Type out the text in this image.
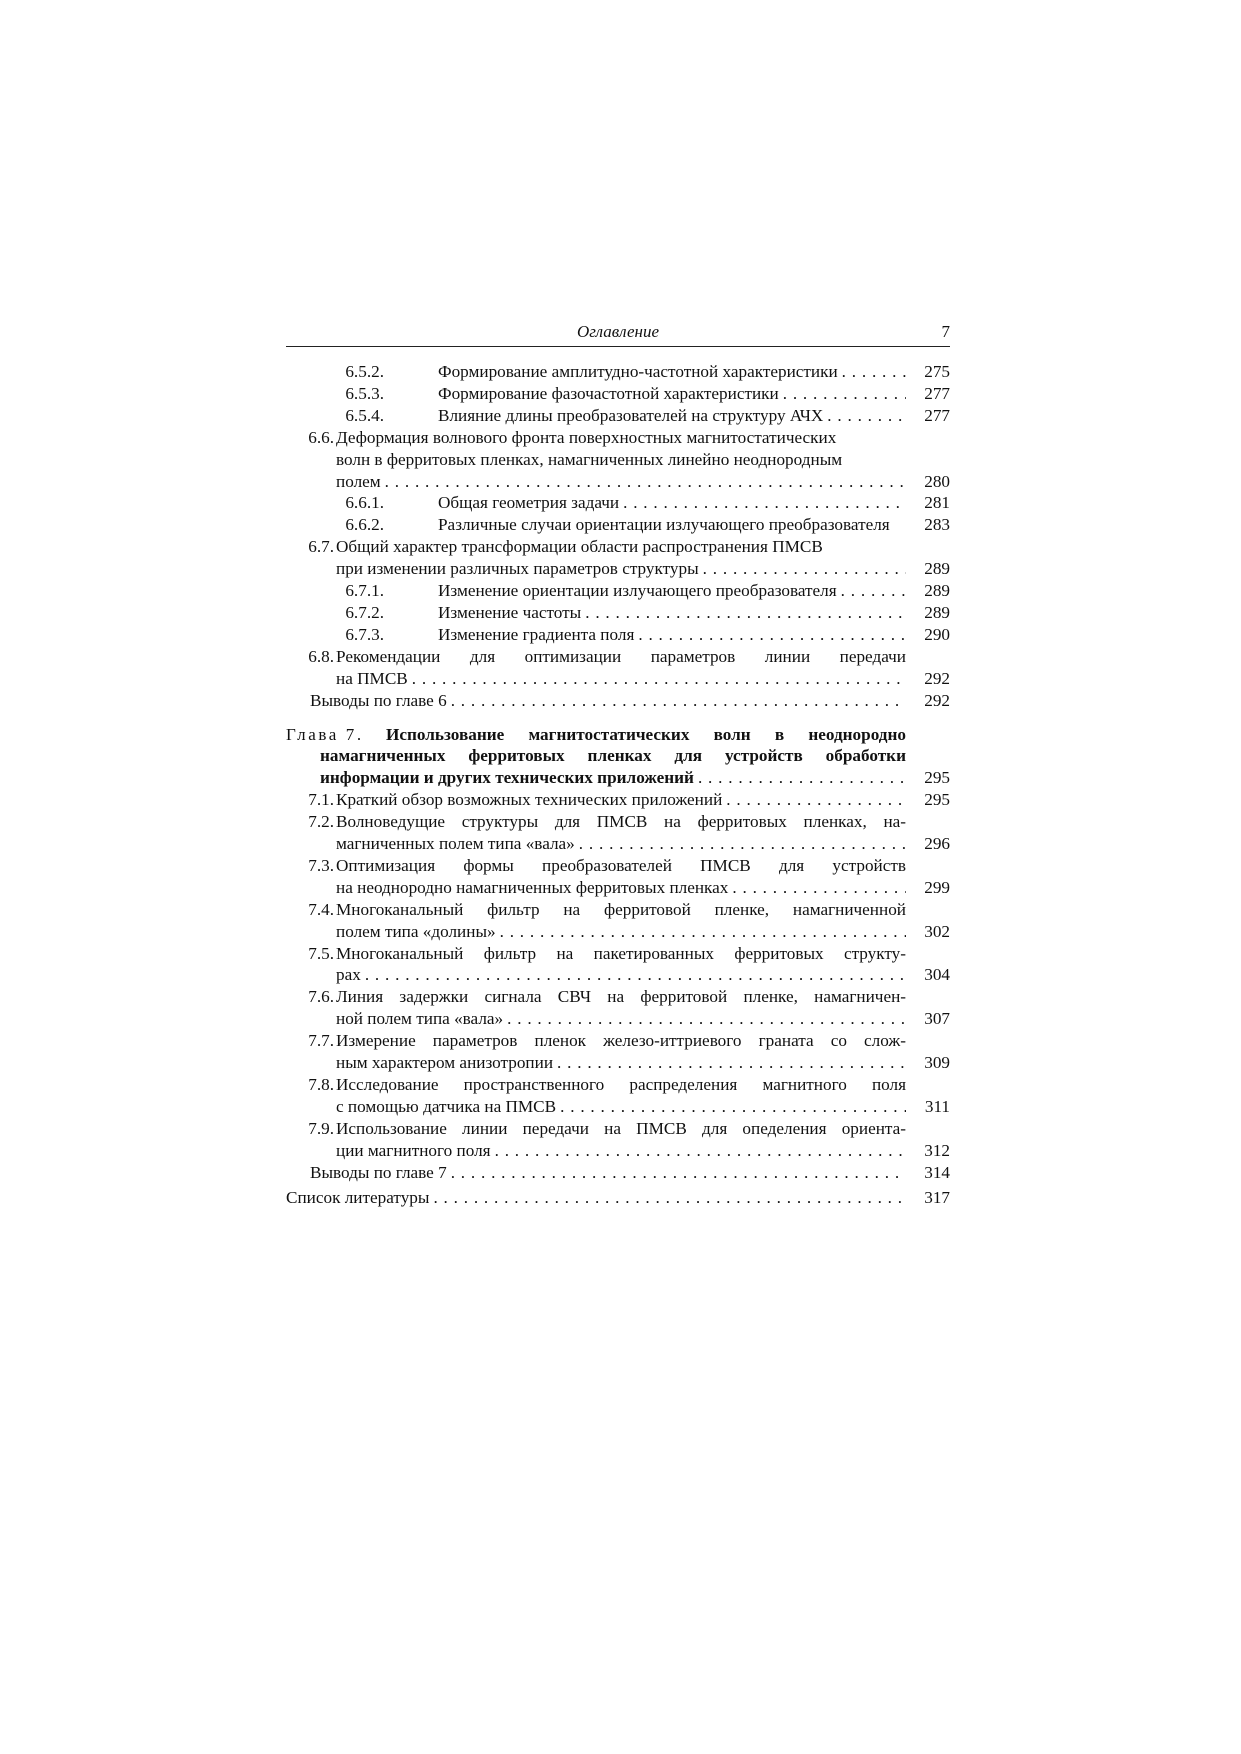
Оглавление	7
6.5.2.	Формирование амплитудно-частотной характеристики . . .	275
6.5.3.	Формирование фазочастотной характеристики . . .	277
6.5.4.	Влияние длины преобразователей на структуру АЧХ . . .	277
6.6. Деформация волнового фронта поверхностных магнитостатических
волн в ферритовых пленках, намагниченных линейно неоднородным
полем . . .	280
6.6.1.	Общая геометрия задачи . . .	281
6.6.2.	Различные случаи ориентации излучающего преобразователя 283
6.7. Общий характер трансформации области распространения ПМСВ
при изменении различных параметров структуры . . .	289
6.7.1.	Изменение ориентации излучающего преобразователя . . .	289
6.7.2.	Изменение частоты . . .	289
6.7.3.	Изменение градиента поля . . .	290
6.8. Рекомендации для оптимизации параметров линии передачи
на ПМСВ . . .	292
Выводы по главе 6 . . .	292
Глава 7. Использование магнитостатических волн в неоднородно
намагниченных ферритовых пленках для устройств обработки
информации и других технических приложений . . .	295
7.1. Краткий обзор возможных технических приложений . . .	295
7.2. Волноведущие структуры для ПМСВ на ферритовых пленках, на-
магниченных полем типа «вала» . . .	296
7.3. Оптимизация формы преобразователей ПМСВ для устройств
на неоднородно намагниченных ферритовых пленках . . .	299
7.4. Многоканальный фильтр на ферритовой пленке, намагниченной
полем типа «долины» . . .	302
7.5. Многоканальный фильтр на пакетированных ферритовых структу-
рах . . .	304
7.6. Линия задержки сигнала СВЧ на ферритовой пленке, намагничен-
ной полем типа «вала» . . .	307
7.7. Измерение параметров пленок железо-иттриевого граната со слож-
ным характером анизотропии . . .	309
7.8. Исследование пространственного распределения магнитного поля
с помощью датчика на ПМСВ . . .	311
7.9. Использование линии передачи на ПМСВ для опеделения ориента-
ции магнитного поля . . .	312
Выводы по главе 7 . . .	314
Список литературы . . .	317
